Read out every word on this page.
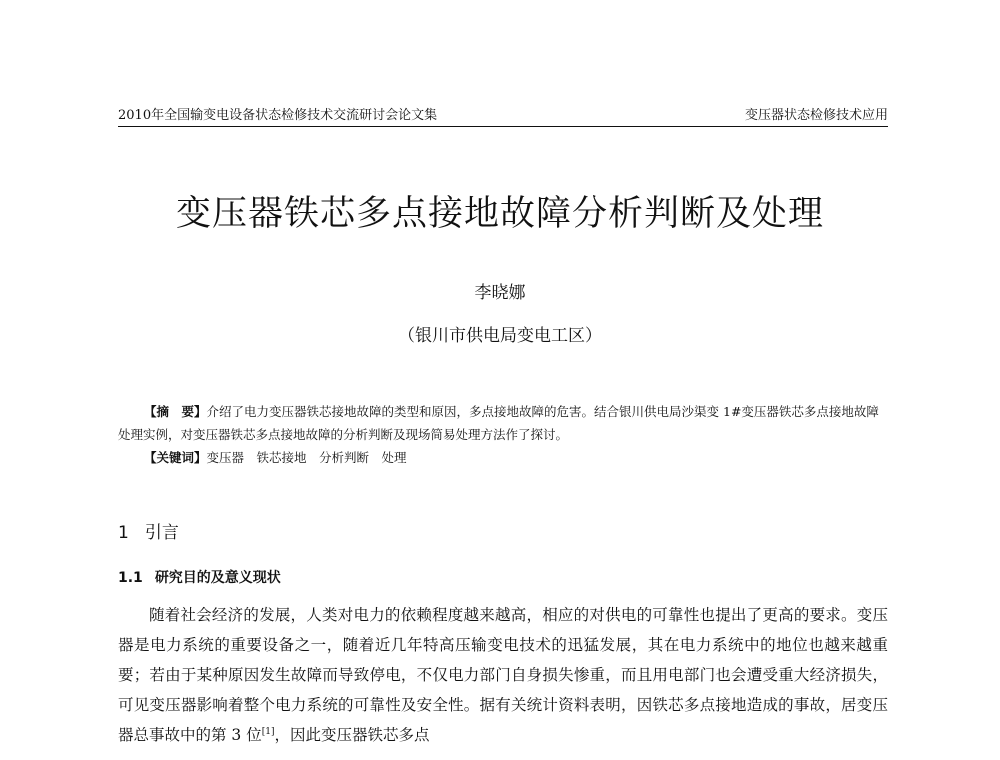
2010年全国输变电设备状态检修技术交流研讨会论文集	变压器状态检修技术应用
变压器铁芯多点接地故障分析判断及处理
李晓娜
（银川市供电局变电工区）

【摘　要】介绍了电力变压器铁芯接地故障的类型和原因，多点接地故障的危害。结合银川供电局沙渠变 1#变压器铁芯多点接地故障处理实例，对变压器铁芯多点接地故障的分析判断及现场简易处理方法作了探讨。

【关键词】变压器　铁芯接地　分析判断　处理

1 引言
1.1 研究目的及意义现状

随着社会经济的发展，人类对电力的依赖程度越来越高，相应的对供电的可靠性也提出了更高的要求。变压器是电力系统的重要设备之一，随着近几年特高压输变电技术的迅猛发展，其在电力系统中的地位也越来越重要；若由于某种原因发生故障而导致停电，不仅电力部门自身损失惨重，而且用电部门也会遭受重大经济损失，可见变压器影响着整个电力系统的可靠性及安全性。据有关统计资料表明，因铁芯多点接地造成的事故，居变压器总事故中的第 3 位[1]，因此变压器铁芯多点
